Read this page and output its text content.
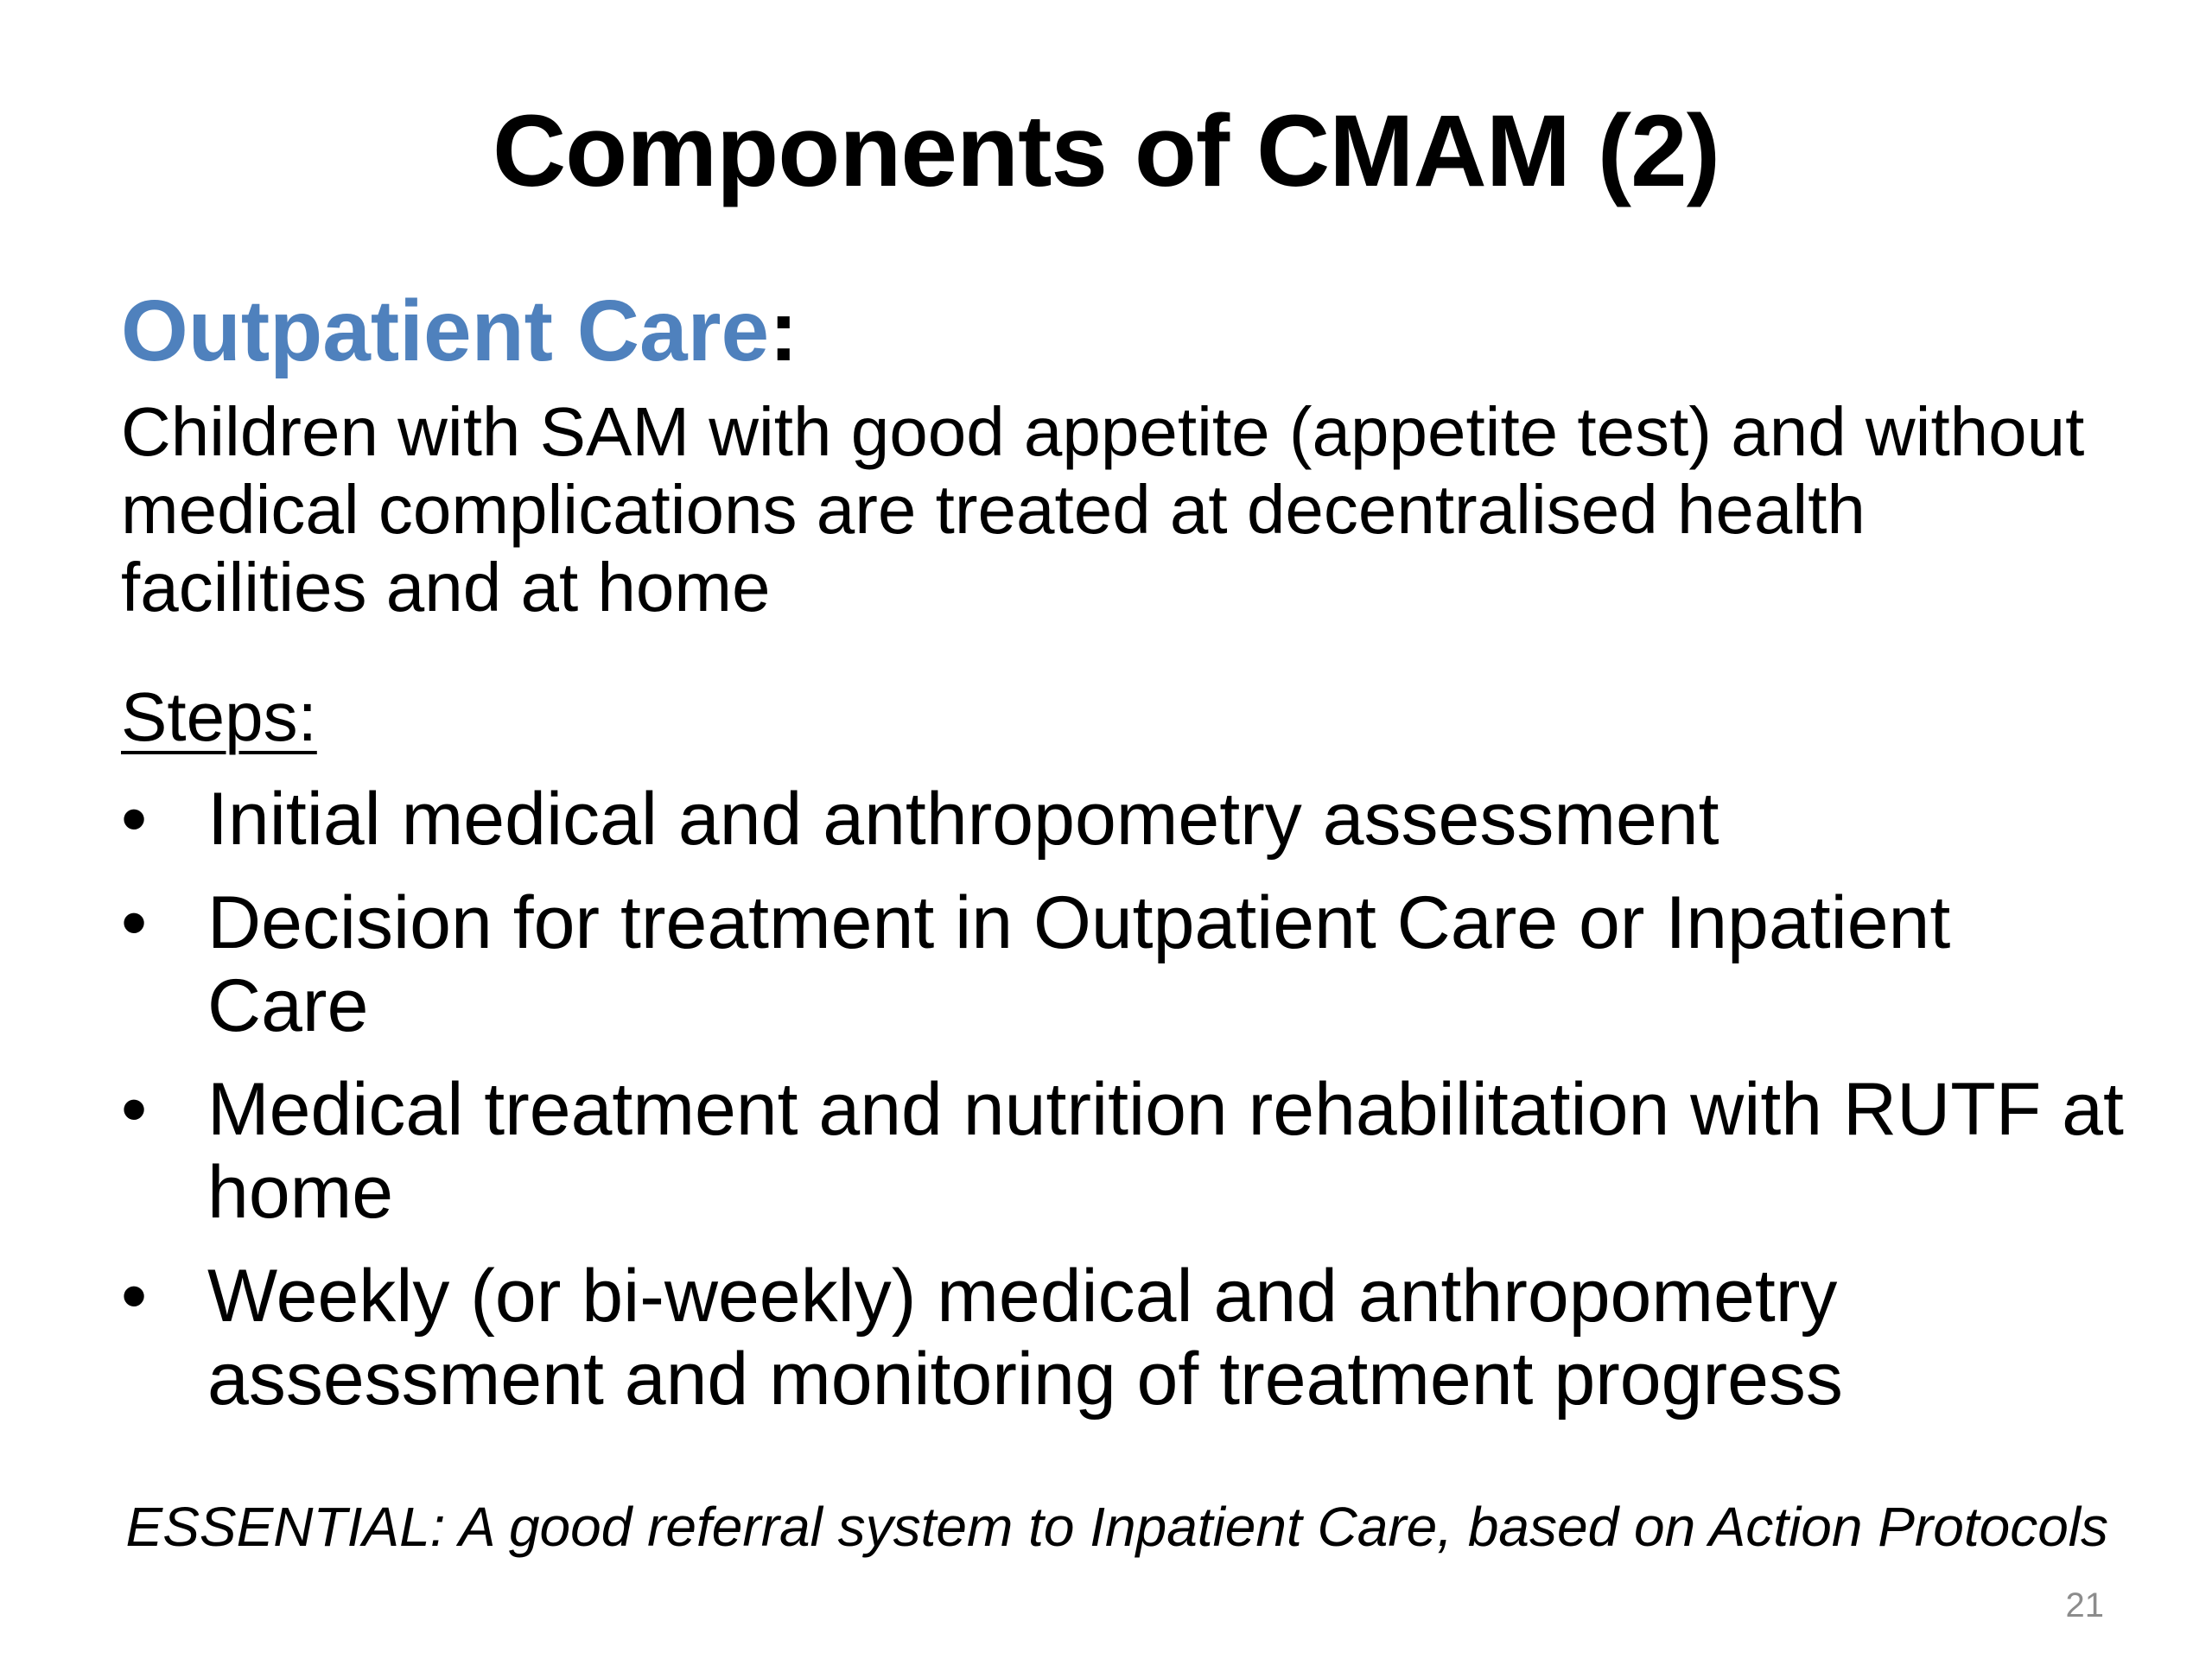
Components of CMAM (2)
Outpatient Care:
Children with SAM with good appetite (appetite test) and without medical complications are treated at decentralised health facilities and at home
Steps:
• Initial medical and anthropometry assessment
• Decision for treatment in Outpatient Care or Inpatient Care
• Medical treatment and nutrition rehabilitation with RUTF at home
• Weekly (or bi-weekly) medical and anthropometry assessment and monitoring of treatment progress
ESSENTIAL: A good referral system to Inpatient Care, based on Action Protocols
21
